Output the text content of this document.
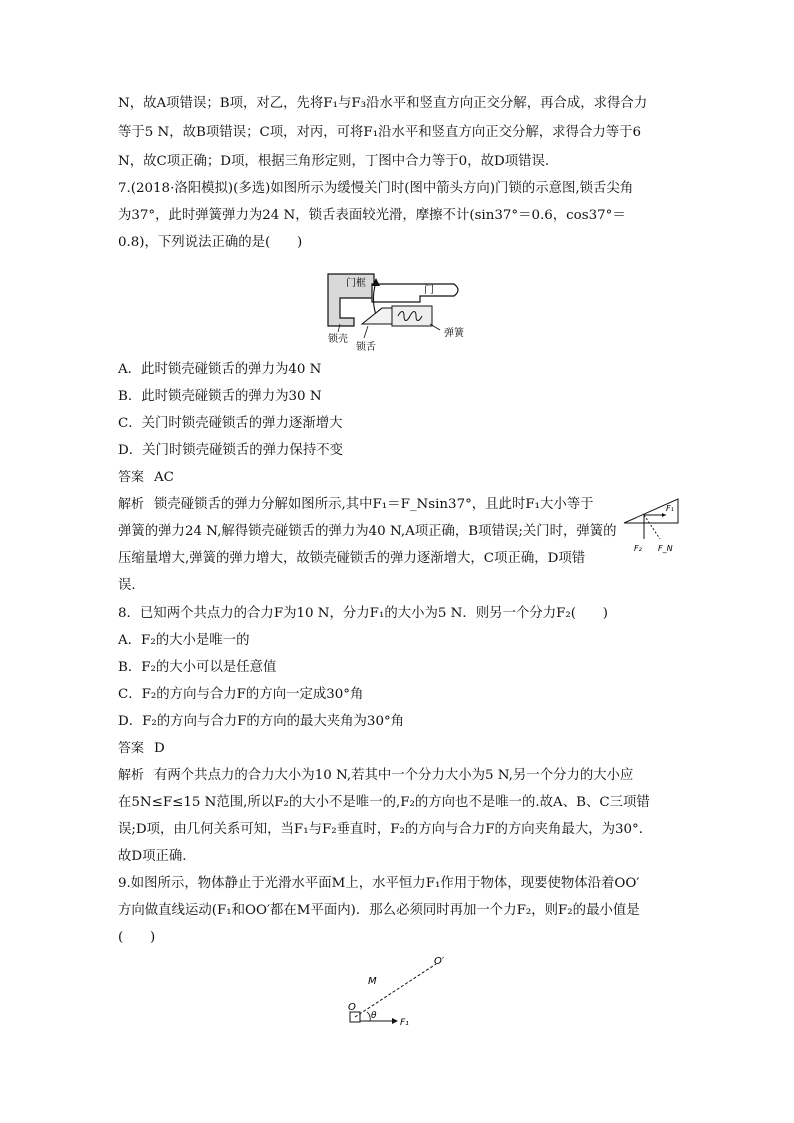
N，故A项错误；B项，对乙，先将F₁与F₃沿水平和竖直方向正交分解，再合成，求得合力
等于5 N，故B项错误；C项，对丙，可将F₁沿水平和竖直方向正交分解，求得合力等于6
N，故C项正确；D项，根据三角形定则，丁图中合力等于0，故D项错误.
7.(2018·洛阳模拟)(多选)如图所示为缓慢关门时(图中箭头方向)门锁的示意图,锁舌尖角
为37°，此时弹簧弹力为24 N，锁舌表面较光滑，摩擦不计(sin37°＝0.6，cos37°＝
0.8)，下列说法正确的是(　　)
门框
门
锁壳
锁舌
弹簧
A．此时锁壳碰锁舌的弹力为40 N
B．此时锁壳碰锁舌的弹力为30 N
C．关门时锁壳碰锁舌的弹力逐渐增大
D．关门时锁壳碰锁舌的弹力保持不变
答案 AC
解析 锁壳碰锁舌的弹力分解如图所示,其中F₁＝F_Nsin37°，且此时F₁大小等于
弹簧的弹力24 N,解得锁壳碰锁舌的弹力为40 N,A项正确，B项错误;关门时，弹簧的
压缩量增大,弹簧的弹力增大，故锁壳碰锁舌的弹力逐渐增大，C项正确，D项错
误.
F₁
F₂ F_N
8．已知两个共点力的合力F为10 N，分力F₁的大小为5 N．则另一个分力F₂(　　)
A．F₂的大小是唯一的
B．F₂的大小可以是任意值
C．F₂的方向与合力F的方向一定成30°角
D．F₂的方向与合力F的方向的最大夹角为30°角
答案 D
解析 有两个共点力的合力大小为10 N,若其中一个分力大小为5 N,另一个分力的大小应
在5N≤F≤15 N范围,所以F₂的大小不是唯一的,F₂的方向也不是唯一的.故A、B、C三项错
误;D项，由几何关系可知，当F₁与F₂垂直时，F₂的方向与合力F的方向夹角最大，为30°．
故D项正确.
9.如图所示，物体静止于光滑水平面M上，水平恒力F₁作用于物体，现要使物体沿着OO′
方向做直线运动(F₁和OO′都在M平面内)．那么必须同时再加一个力F₂，则F₂的最小值是
(　　)
M
O
O′
θ
F₁
